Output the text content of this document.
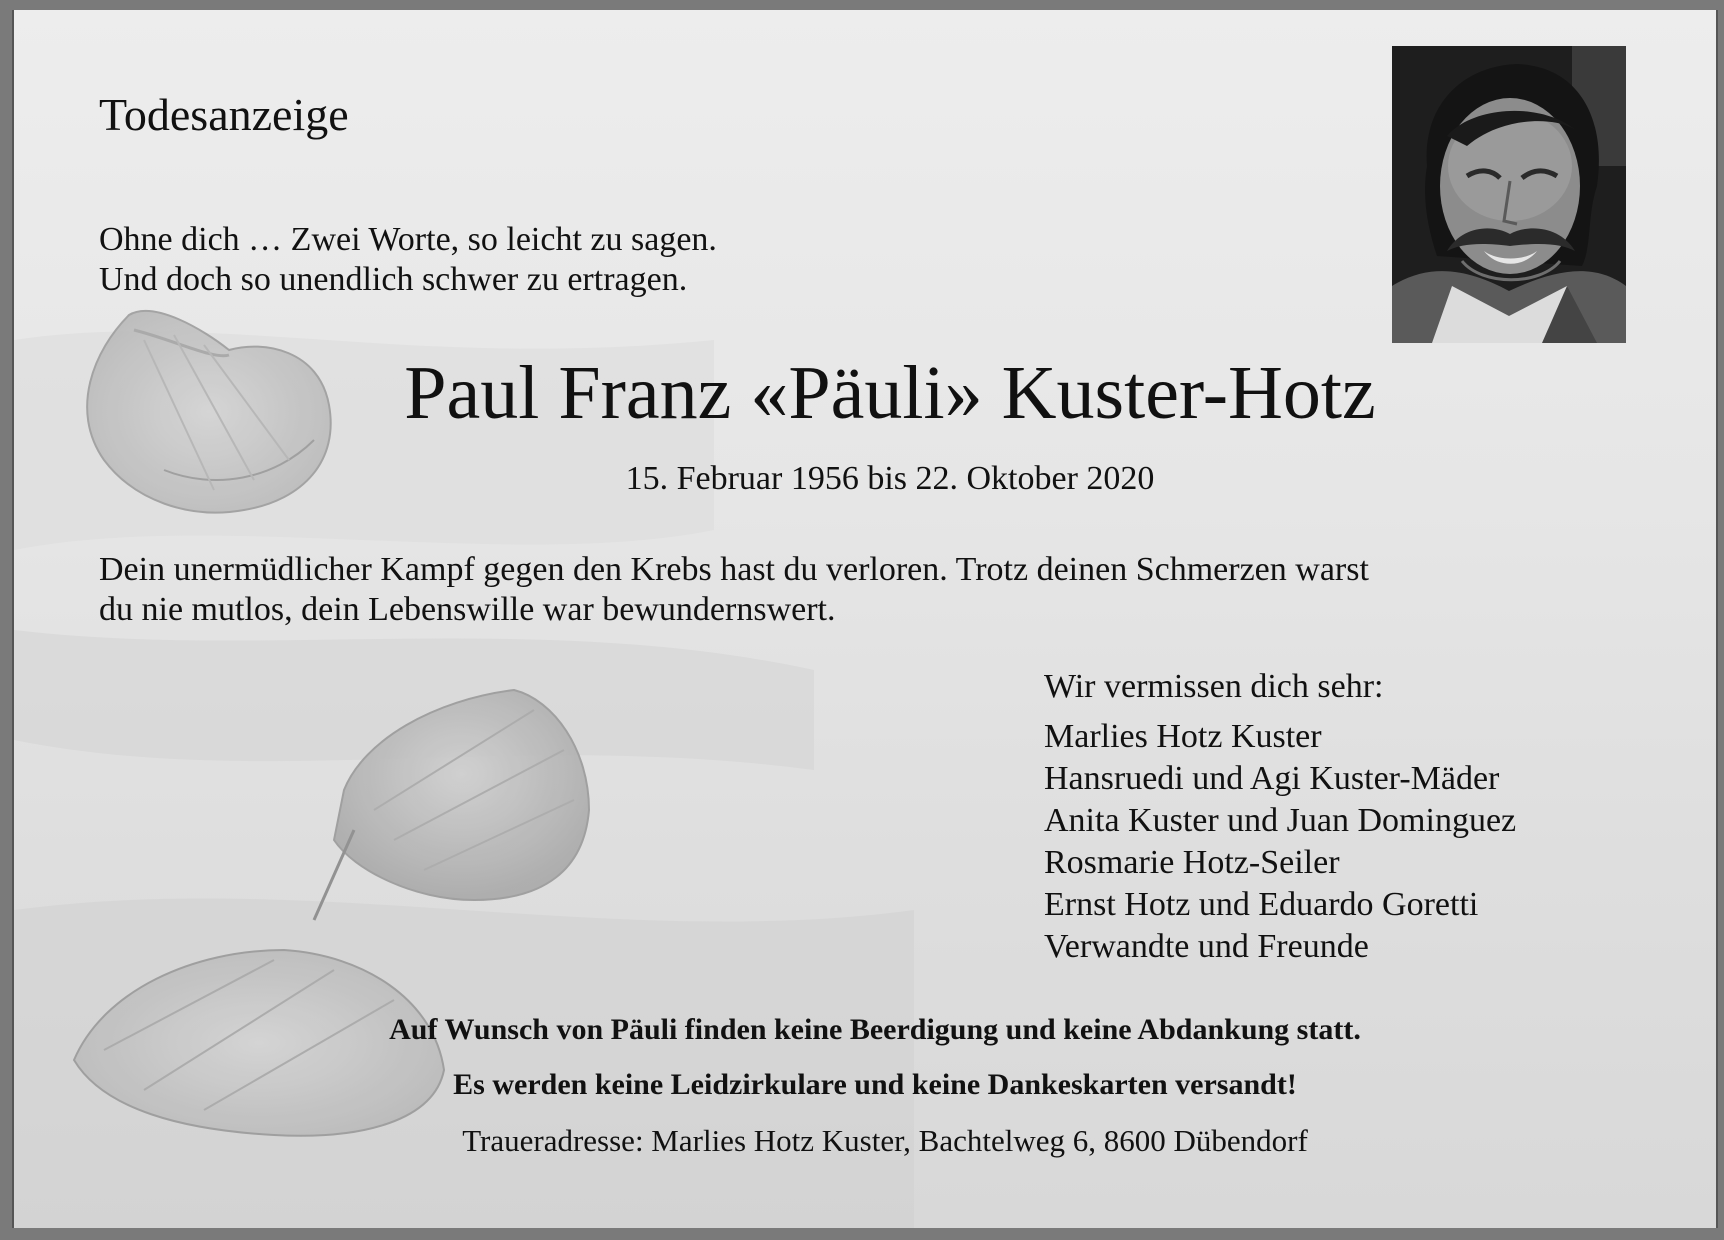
Todesanzeige
Ohne dich … Zwei Worte, so leicht zu sagen.
Und doch so unendlich schwer zu ertragen.
Paul Franz «Päuli» Kuster-Hotz
15. Februar 1956 bis 22. Oktober 2020
Dein unermüdlicher Kampf gegen den Krebs hast du verloren. Trotz deinen Schmerzen warst
du nie mutlos, dein Lebenswille war bewundernswert.
Wir vermissen dich sehr:
Marlies Hotz Kuster
Hansruedi und Agi Kuster-Mäder
Anita Kuster und Juan Dominguez
Rosmarie Hotz-Seiler
Ernst Hotz und Eduardo Goretti
Verwandte und Freunde
Auf Wunsch von Päuli finden keine Beerdigung und keine Abdankung statt.
Es werden keine Leidzirkulare und keine Dankeskarten versandt!
Traueradresse: Marlies Hotz Kuster, Bachtelweg 6, 8600 Dübendorf
